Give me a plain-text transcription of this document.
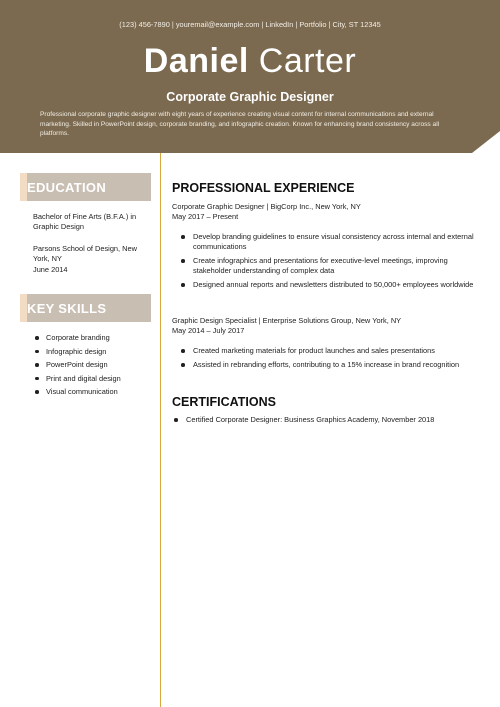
(123) 456-7890 | youremail@example.com | LinkedIn | Portfolio | City, ST 12345
Daniel Carter
Corporate Graphic Designer
Professional corporate graphic designer with eight years of experience creating visual content for internal communications and external marketing. Skilled in PowerPoint design, corporate branding, and infographic creation. Known for enhancing brand consistency across all platforms.
EDUCATION
Bachelor of Fine Arts (B.F.A.) in Graphic Design
Parsons School of Design, New York, NY
June 2014
KEY SKILLS
Corporate branding
Infographic design
PowerPoint design
Print and digital design
Visual communication
PROFESSIONAL EXPERIENCE
Corporate Graphic Designer | BigCorp Inc., New York, NY
May 2017 – Present
Develop branding guidelines to ensure visual consistency across internal and external communications
Create infographics and presentations for executive-level meetings, improving stakeholder understanding of complex data
Designed annual reports and newsletters distributed to 50,000+ employees worldwide
Graphic Design Specialist | Enterprise Solutions Group, New York, NY
May 2014 – July 2017
Created marketing materials for product launches and sales presentations
Assisted in rebranding efforts, contributing to a 15% increase in brand recognition
CERTIFICATIONS
Certified Corporate Designer: Business Graphics Academy, November 2018
